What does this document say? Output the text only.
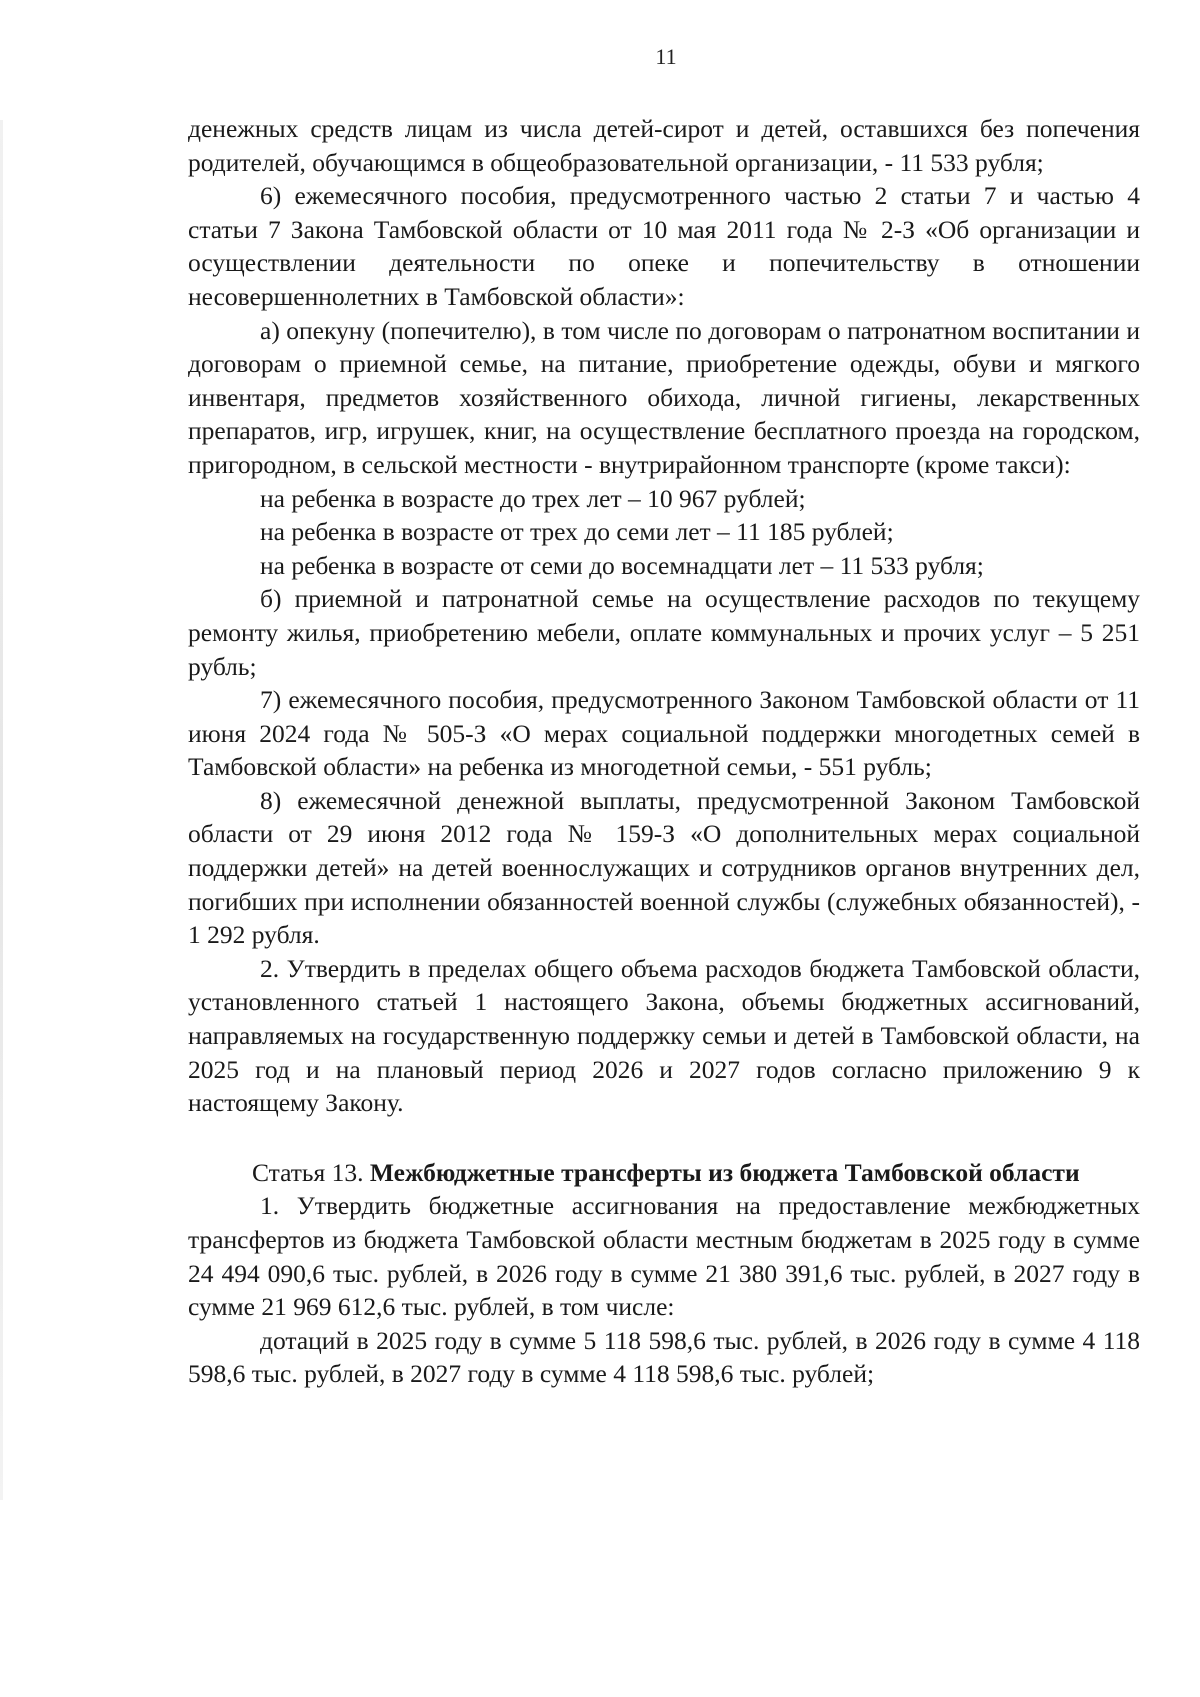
11

денежных средств лицам из числа детей-сирот и детей, оставшихся без попечения родителей, обучающимся в общеобразовательной организации, - 11 533 рубля;

6) ежемесячного пособия, предусмотренного частью 2 статьи 7 и частью 4 статьи 7 Закона Тамбовской области от 10 мая 2011 года № 2-З «Об организации и осуществлении деятельности по опеке и попечительству в отношении несовершеннолетних в Тамбовской области»:

а) опекуну (попечителю), в том числе по договорам о патронатном воспитании и договорам о приемной семье, на питание, приобретение одежды, обуви и мягкого инвентаря, предметов хозяйственного обихода, личной гигиены, лекарственных препаратов, игр, игрушек, книг, на осуществление бесплатного проезда на городском, пригородном, в сельской местности - внутрирайонном транспорте (кроме такси):

на ребенка в возрасте до трех лет – 10 967 рублей;

на ребенка в возрасте от трех до семи лет – 11 185 рублей;

на ребенка в возрасте от семи до восемнадцати лет – 11 533 рубля;

б) приемной и патронатной семье на осуществление расходов по текущему ремонту жилья, приобретению мебели, оплате коммунальных и прочих услуг – 5 251 рубль;

7) ежемесячного пособия, предусмотренного Законом Тамбовской области от 11 июня 2024 года № 505-З «О мерах социальной поддержки многодетных семей в Тамбовской области» на ребенка из многодетной семьи, - 551 рубль;

8) ежемесячной денежной выплаты, предусмотренной Законом Тамбовской области от 29 июня 2012 года № 159-З «О дополнительных мерах социальной поддержки детей» на детей военнослужащих и сотрудников органов внутренних дел, погибших при исполнении обязанностей военной службы (служебных обязанностей), - 1 292 рубля.

2. Утвердить в пределах общего объема расходов бюджета Тамбовской области, установленного статьей 1 настоящего Закона, объемы бюджетных ассигнований, направляемых на государственную поддержку семьи и детей в Тамбовской области, на 2025 год и на плановый период 2026 и 2027 годов согласно приложению 9 к настоящему Закону.

Статья 13. Межбюджетные трансферты из бюджета Тамбовской области

1. Утвердить бюджетные ассигнования на предоставление межбюджетных трансфертов из бюджета Тамбовской области местным бюджетам в 2025 году в сумме 24 494 090,6 тыс. рублей, в 2026 году в сумме 21 380 391,6 тыс. рублей, в 2027 году в сумме 21 969 612,6 тыс. рублей, в том числе:

дотаций в 2025 году в сумме 5 118 598,6 тыс. рублей, в 2026 году в сумме 4 118 598,6 тыс. рублей, в 2027 году в сумме 4 118 598,6 тыс. рублей;
